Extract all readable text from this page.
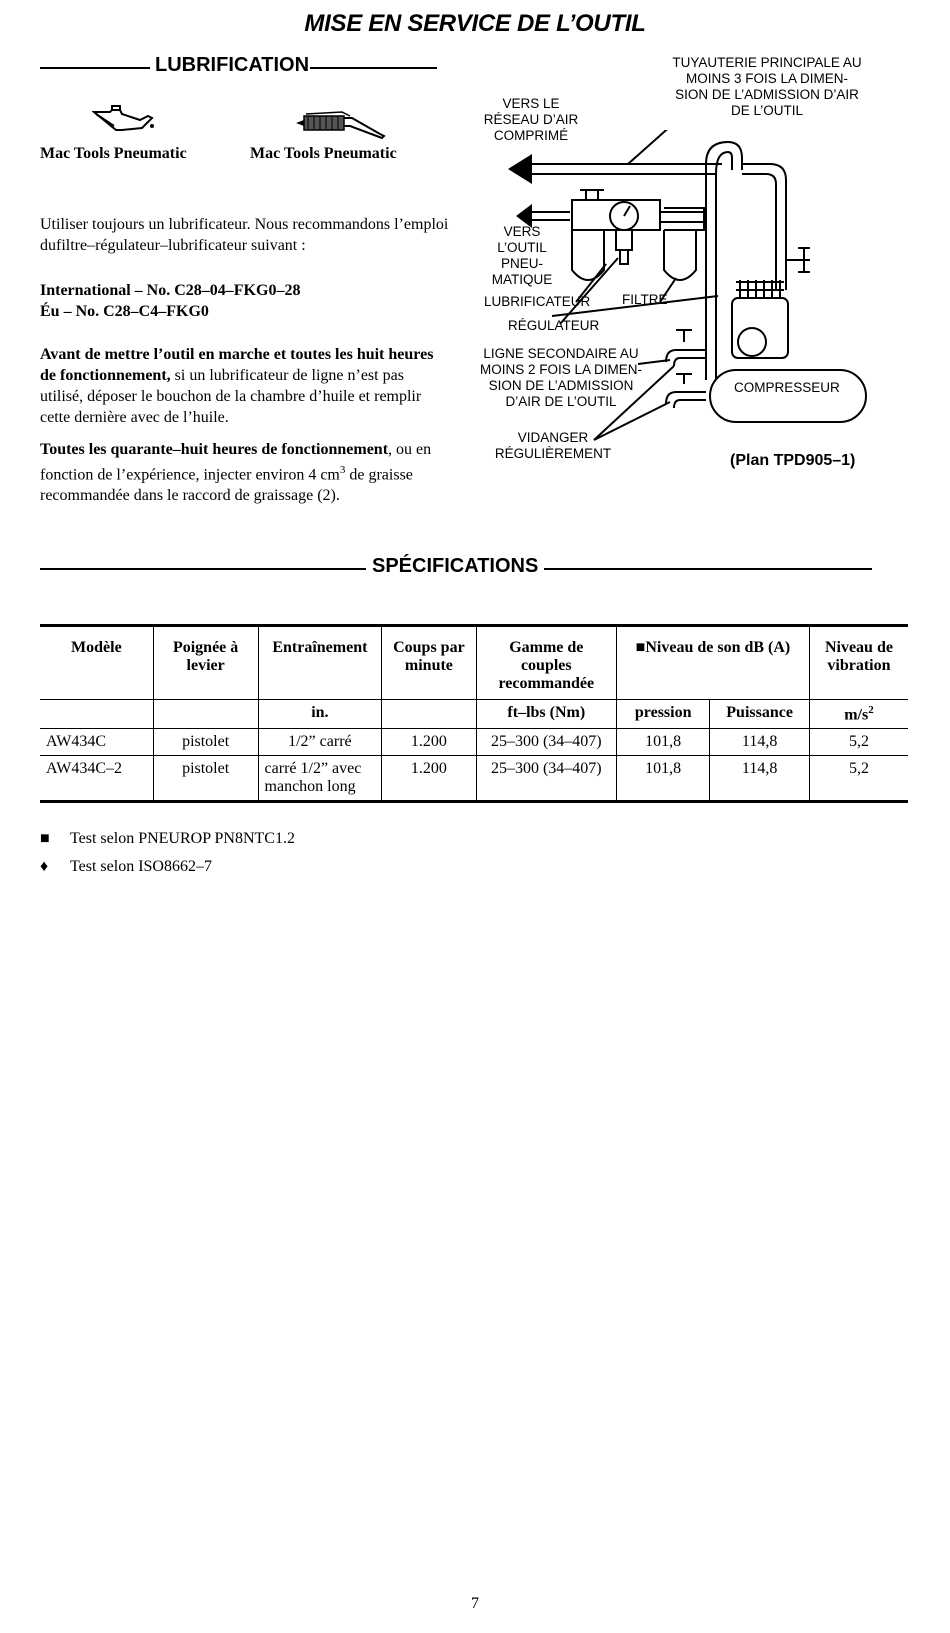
MISE EN SERVICE DE L’OUTIL
LUBRIFICATION
Mac Tools Pneumatic	Mac Tools Pneumatic
Utiliser toujours un lubrificateur. Nous recommandons l’emploi dufiltre–régulateur–lubrificateur suivant :
International – No. C28–04–FKG0–28
Éu – No. C28–C4–FKG0
Avant de mettre l’outil en marche et toutes les huit heures de fonctionnement, si un lubrificateur de ligne n’est pas utilisé, déposer le bouchon de la chambre d’huile et remplir cette dernière avec de l’huile.
Toutes les quarante–huit heures de fonctionnement, ou en fonction de l’expérience, injecter environ 4 $cm^3$ de graisse recommandée dans le raccord de graissage (2).
VERS LE
RÉSEAU D’AIR
COMPRIMÉ
TUYAUTERIE PRINCIPALE AU
MOINS 3 FOIS LA DIMEN-
SION DE L’ADMISSION D’AIR
DE L’OUTIL
VERS
L’OUTIL
PNEU-
MATIQUE
LUBRIFICATEUR FILTRE
RÉGULATEUR
LIGNE SECONDAIRE AU
MOINS 2 FOIS LA DIMEN-
SION DE L’ADMISSION
D’AIR DE L’OUTIL
COMPRESSEUR
VIDANGER
RÉGULIÈREMENT	(Plan TPD905–1)
SPÉCIFICATIONS
Modèle	Poignée à levier	Entraînement	Coups par minute	Gamme de couples recommandée	■Niveau de son dB (A)		Niveau de vibration
		in.		ft–lbs (Nm)	pression	Puissance	$m/s^2$
AW434C	pistolet	1/2” carré	1.200	25–300 (34–407)	101,8	114,8	5,2
AW434C–2	pistolet	carré 1/2” avec manchon long	1.200	25–300 (34–407)	101,8	114,8	5,2
■ Test selon PNEUROP PN8NTC1.2
♦ Test selon ISO8662–7
7
